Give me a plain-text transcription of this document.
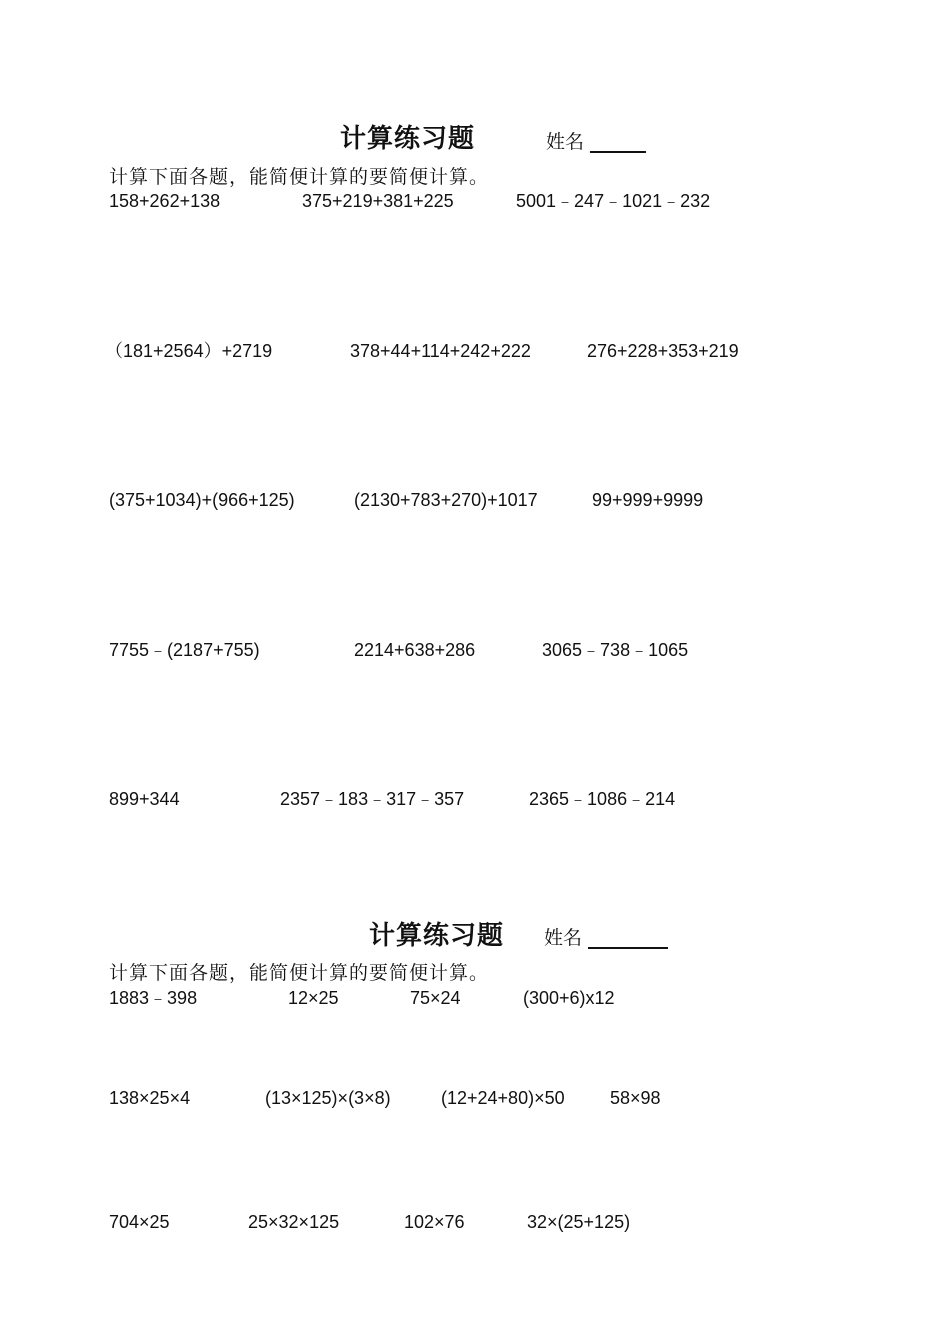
计算练习题	姓名
计算下面各题，能简便计算的要简便计算。
158+262+138	375+219+381+225	5001﹣247﹣1021﹣232
（181+2564）+2719	378+44+114+242+222	276+228+353+219
(375+1034)+(966+125)	(2130+783+270)+1017	99+999+9999
7755﹣(2187+755)	2214+638+286	3065﹣738﹣1065
899+344	2357﹣183﹣317﹣357	2365﹣1086﹣214
计算练习题 姓名
计算下面各题，能简便计算的要简便计算。
1883﹣398	12×25	75×24	(300+6)x12
138×25×4	(13×125)×(3×8)	(12+24+80)×50	58×98
704×25	25×32×125	102×76	32×(25+125)
